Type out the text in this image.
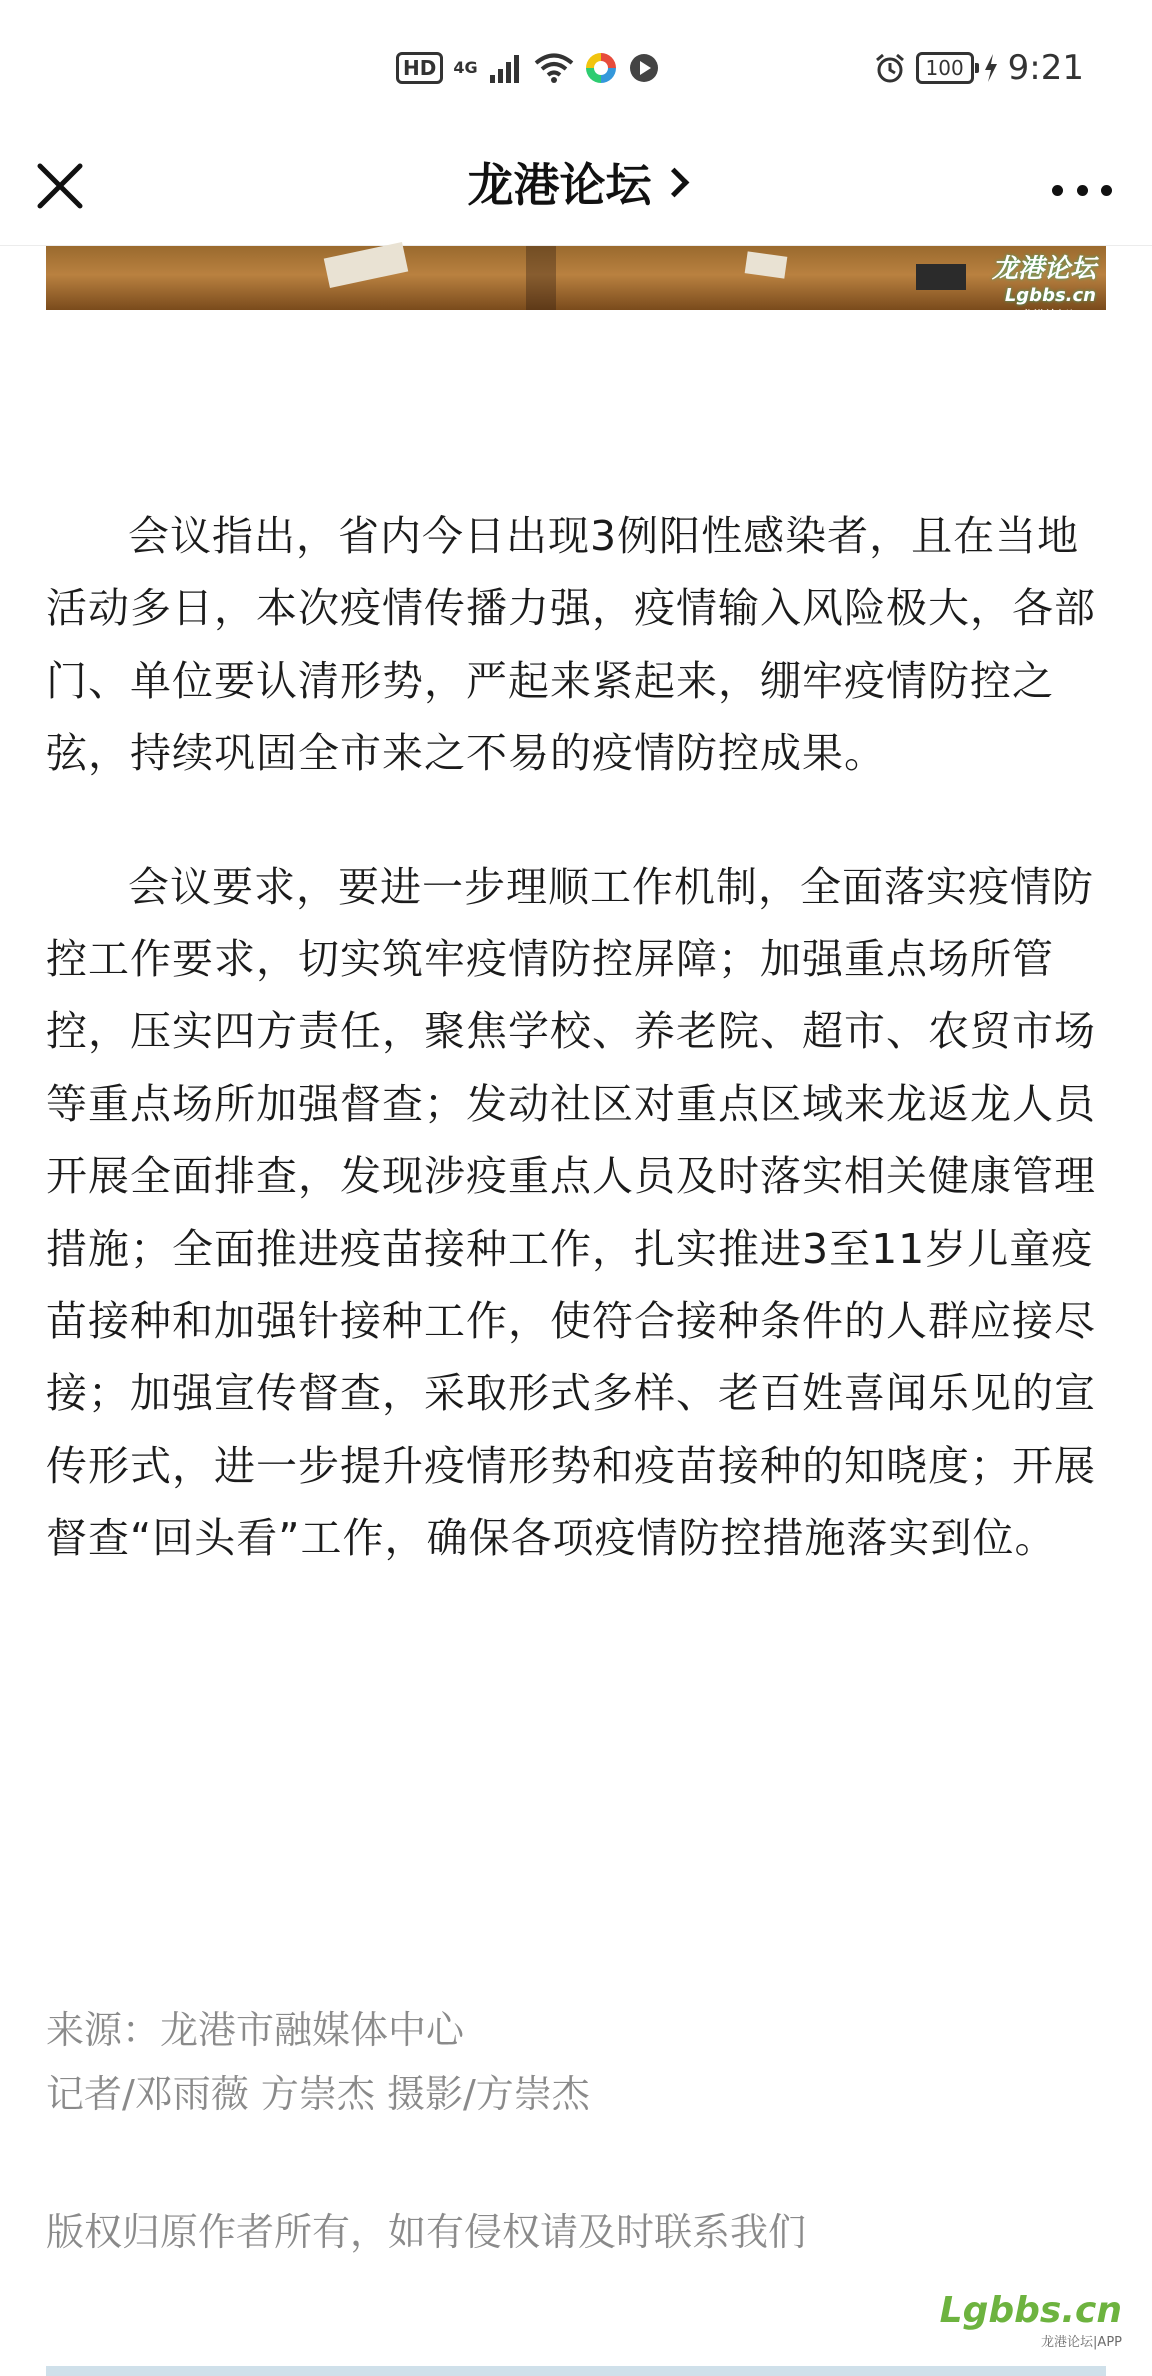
HD	4G	100 9:21
龙港论坛
龙港论坛
Lgbbs.cn
龙港论坛|APP

会议指出，省内今日出现3例阳性感染者，且在当地活动多日，本次疫情传播力强，疫情输入风险极大，各部门、单位要认清形势，严起来紧起来，绷牢疫情防控之弦，持续巩固全市来之不易的疫情防控成果。

会议要求，要进一步理顺工作机制，全面落实疫情防控工作要求，切实筑牢疫情防控屏障；加强重点场所管控，压实四方责任，聚焦学校、养老院、超市、农贸市场等重点场所加强督查；发动社区对重点区域来龙返龙人员开展全面排查，发现涉疫重点人员及时落实相关健康管理措施；全面推进疫苗接种工作，扎实推进3至11岁儿童疫苗接种和加强针接种工作，使符合接种条件的人群应接尽接；加强宣传督查，采取形式多样、老百姓喜闻乐见的宣传形式，进一步提升疫情形势和疫苗接种的知晓度；开展督查“回头看”工作，确保各项疫情防控措施落实到位。

来源：龙港市融媒体中心
记者/邓雨薇 方崇杰 摄影/方崇杰
版权归原作者所有，如有侵权请及时联系我们
Lgbbs.cn
龙港论坛|APP
